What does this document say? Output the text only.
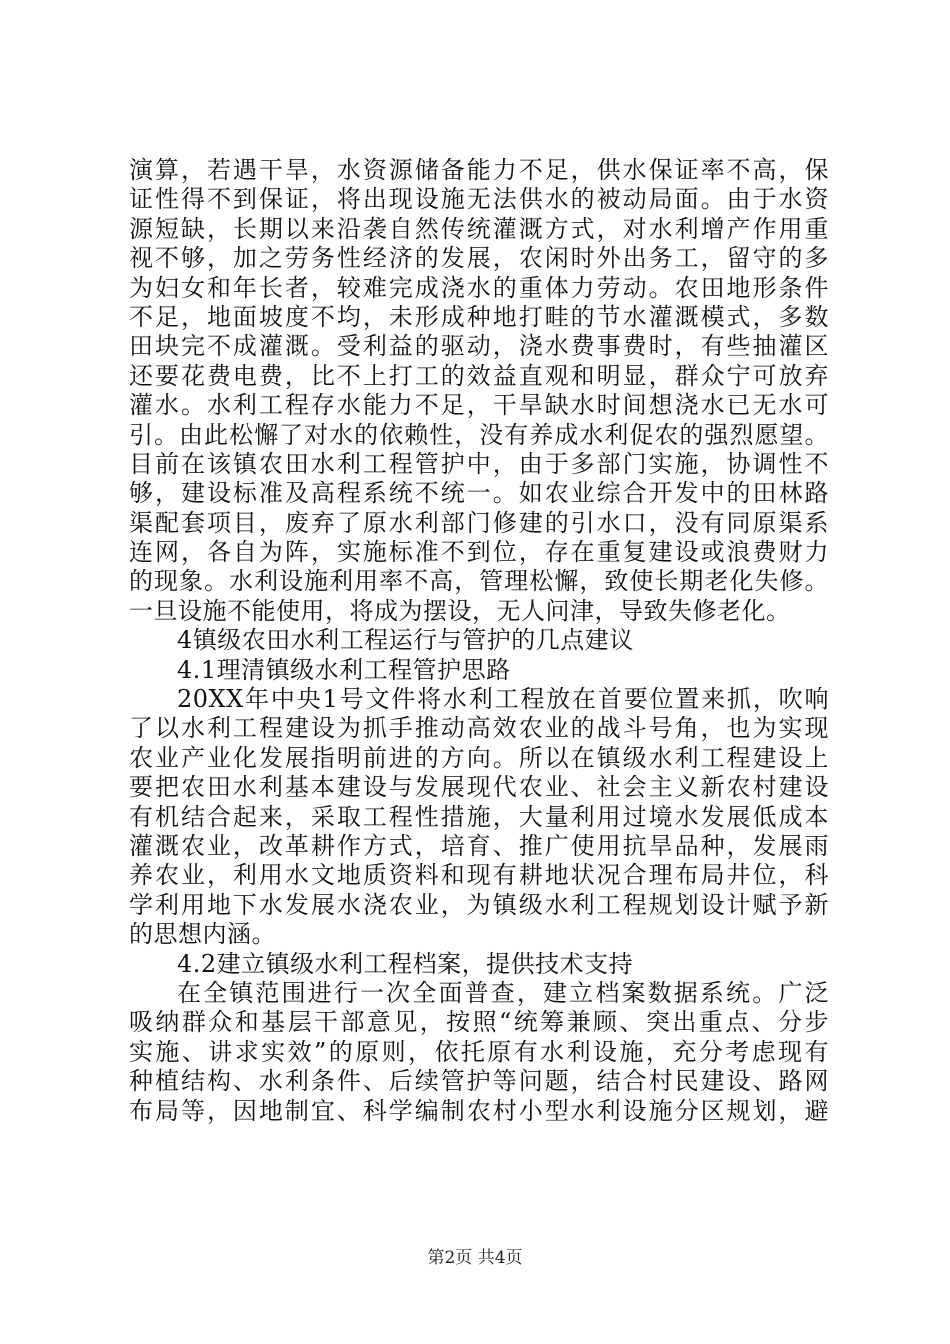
演算，若遇干旱，水资源储备能力不足，供水保证率不高，保
证性得不到保证，将出现设施无法供水的被动局面。由于水资
源短缺，长期以来沿袭自然传统灌溉方式，对水利增产作用重
视不够，加之劳务性经济的发展，农闲时外出务工，留守的多
为妇女和年长者，较难完成浇水的重体力劳动。农田地形条件
不足，地面坡度不均，未形成种地打畦的节水灌溉模式，多数
田块完不成灌溉。受利益的驱动，浇水费事费时，有些抽灌区
还要花费电费，比不上打工的效益直观和明显，群众宁可放弃
灌水。水利工程存水能力不足，干旱缺水时间想浇水已无水可
引。由此松懈了对水的依赖性，没有养成水利促农的强烈愿望。
目前在该镇农田水利工程管护中，由于多部门实施，协调性不
够，建设标准及高程系统不统一。如农业综合开发中的田林路
渠配套项目，废弃了原水利部门修建的引水口，没有同原渠系
连网，各自为阵，实施标准不到位，存在重复建设或浪费财力
的现象。水利设施利用率不高，管理松懈，致使长期老化失修。
一旦设施不能使用，将成为摆设，无人问津，导致失修老化。
4镇级农田水利工程运行与管护的几点建议
4.1理清镇级水利工程管护思路
20XX年中央1号文件将水利工程放在首要位置来抓，吹响
了以水利工程建设为抓手推动高效农业的战斗号角，也为实现
农业产业化发展指明前进的方向。所以在镇级水利工程建设上
要把农田水利基本建设与发展现代农业、社会主义新农村建设
有机结合起来，采取工程性措施，大量利用过境水发展低成本
灌溉农业，改革耕作方式，培育、推广使用抗旱品种，发展雨
养农业，利用水文地质资料和现有耕地状况合理布局井位，科
学利用地下水发展水浇农业，为镇级水利工程规划设计赋予新
的思想内涵。
4.2建立镇级水利工程档案，提供技术支持
在全镇范围进行一次全面普查，建立档案数据系统。广泛
吸纳群众和基层干部意见，按照“统筹兼顾、突出重点、分步
实施、讲求实效”的原则，依托原有水利设施，充分考虑现有
种植结构、水利条件、后续管护等问题，结合村民建设、路网
布局等，因地制宜、科学编制农村小型水利设施分区规划，避
第2页 共4页
